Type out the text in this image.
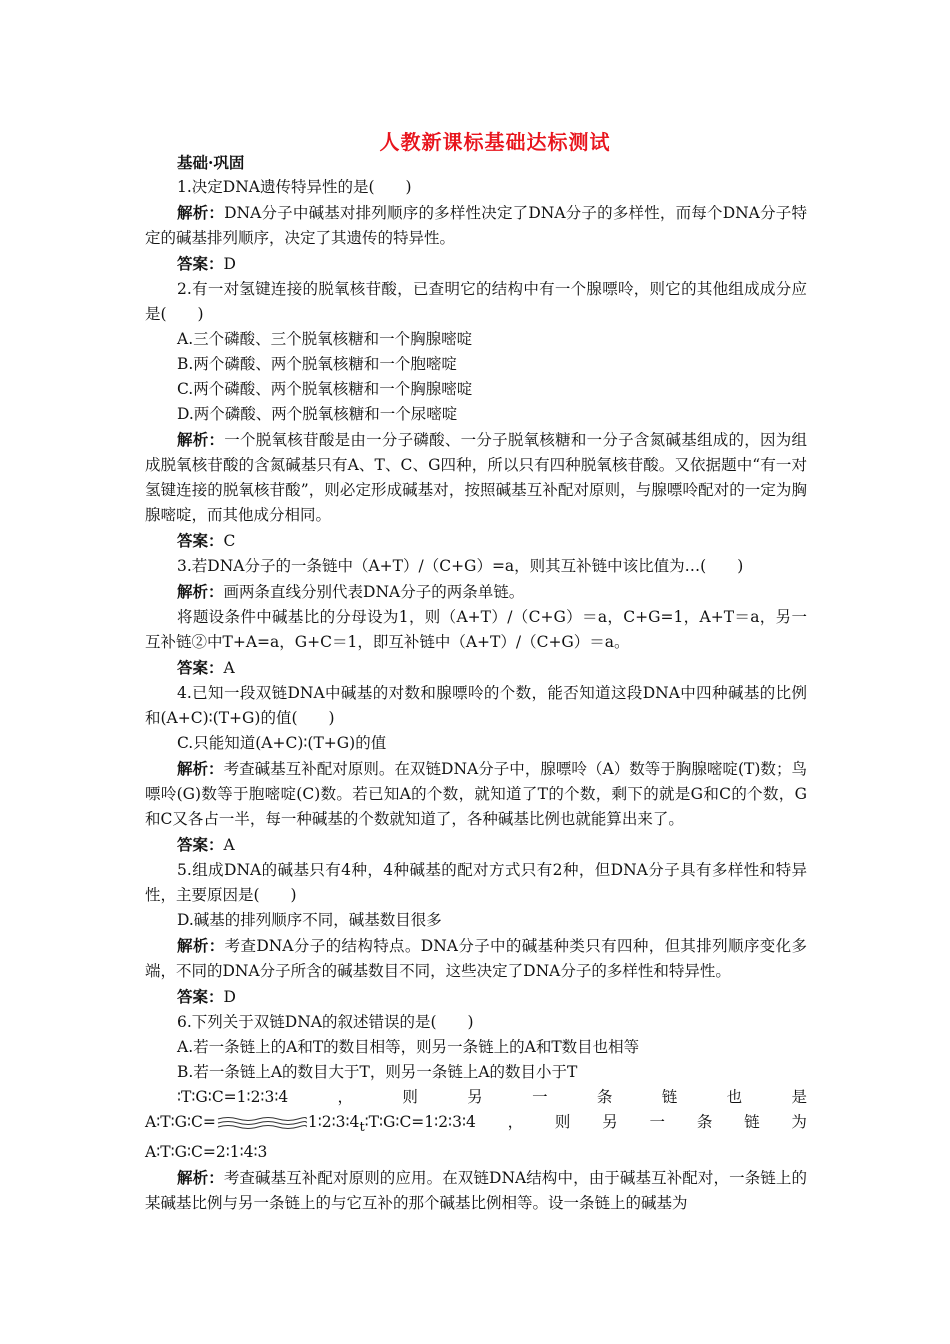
人教新课标基础达标测试

基础·巩固

1.决定DNA遗传特异性的是(　　)

解析：DNA分子中碱基对排列顺序的多样性决定了DNA分子的多样性，而每个DNA分子特定的碱基排列顺序，决定了其遗传的特异性。

答案：D

2.有一对氢键连接的脱氧核苷酸，已查明它的结构中有一个腺嘌呤，则它的其他组成成分应是(　　)

A.三个磷酸、三个脱氧核糖和一个胸腺嘧啶

B.两个磷酸、两个脱氧核糖和一个胞嘧啶

C.两个磷酸、两个脱氧核糖和一个胸腺嘧啶

D.两个磷酸、两个脱氧核糖和一个尿嘧啶

解析：一个脱氧核苷酸是由一分子磷酸、一分子脱氧核糖和一分子含氮碱基组成的，因为组成脱氧核苷酸的含氮碱基只有A、T、C、G四种，所以只有四种脱氧核苷酸。又依据题中“有一对氢键连接的脱氧核苷酸”，则必定形成碱基对，按照碱基互补配对原则，与腺嘌呤配对的一定为胸腺嘧啶，而其他成分相同。

答案：C

3.若DNA分子的一条链中（A+T）/（C+G）=a，则其互补链中该比值为…(　　)

解析：画两条直线分别代表DNA分子的两条单链。

将题设条件中碱基比的分母设为1，则（A+T）/（C+G）＝a，C+G=1，A+T＝a，另一互补链②中T+A=a，G+C＝1，即互补链中（A+T）/（C+G）＝a。

答案：A

4.已知一段双链DNA中碱基的对数和腺嘌呤的个数，能否知道这段DNA中四种碱基的比例和(A+C)∶(T+G)的值(　　)

C.只能知道(A+C)∶(T+G)的值

解析：考查碱基互补配对原则。在双链DNA分子中，腺嘌呤（A）数等于胸腺嘧啶(T)数；鸟嘌呤(G)数等于胞嘧啶(C)数。若已知A的个数，就知道了T的个数，剩下的就是G和C的个数，G和C又各占一半，每一种碱基的个数就知道了，各种碱基比例也就能算出来了。

答案：A

5.组成DNA的碱基只有4种，4种碱基的配对方式只有2种，但DNA分子具有多样性和特异性，主要原因是(　　)

D.碱基的排列顺序不同，碱基数目很多

解析：考查DNA分子的结构特点。DNA分子中的碱基种类只有四种，但其排列顺序变化多端，不同的DNA分子所含的碱基数目不同，这些决定了DNA分子的多样性和特异性。

答案：D

6.下列关于双链DNA的叙述错误的是(　　)

A.若一条链上的A和T的数目相等，则另一条链上的A和T数目也相等

B.若一条链上A的数目大于T，则另一条链上A的数目小于T

∶T∶G∶C=1∶2∶3∶4	，	则	另	一	条	链	也	是
A∶T∶G∶C=	$1∶2∶3∶4_t∶T∶G∶C=1∶2∶3∶4$ ， 则 另 一 条 链 为

A∶T∶G∶C=2∶1∶4∶3

解析：考查碱基互补配对原则的应用。在双链DNA结构中，由于碱基互补配对，一条链上的某碱基比例与另一条链上的与它互补的那个碱基比例相等。设一条链上的碱基为
